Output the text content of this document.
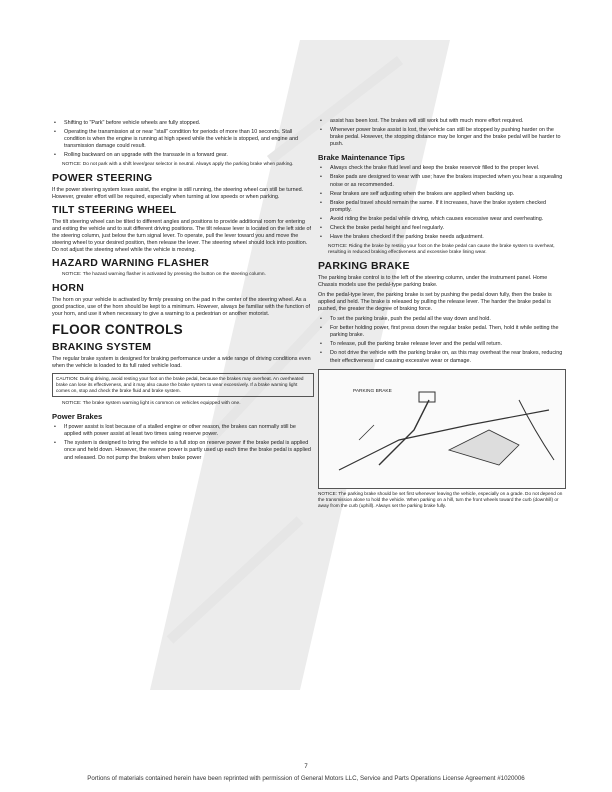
• Shifting to "Park" before vehicle wheels are fully stopped.
• Operating the transmission at or near "stall" condition for periods of more than 10 seconds. Stall condition is when the engine is running at high speed while the vehicle is stopped, and engine and transmission damage could result.
• Rolling backward on an upgrade with the transaxle in a forward gear.

NOTICE: Do not park with a shift lever/gear selector in neutral. Always apply the parking brake when parking.

POWER STEERING

If the power steering system loses assist, the engine is still running, the steering wheel can still be turned. However, greater effort will be required, especially when turning at low speeds or when parking.

TILT STEERING WHEEL

The tilt steering wheel can be tilted to different angles and positions to provide additional room for entering and exiting the vehicle and to suit different driving positions. The tilt release lever is located on the left side of the steering column, just below the turn signal lever. To operate, pull the lever toward you and move the steering wheel to your desired position, then release the lever. The steering wheel should lock into position. Do not adjust the steering wheel while the vehicle is moving.

HAZARD WARNING FLASHER

NOTICE: The hazard warning flasher is activated by pressing the button on the steering column.

HORN

The horn on your vehicle is activated by firmly pressing on the pad in the center of the steering wheel. As a good practice, use of the horn should be kept to a minimum. However, always be familiar with the function of your horn, and use it when necessary to give a warning to a pedestrian or another motorist.

FLOOR CONTROLS
BRAKING SYSTEM

The regular brake system is designed for braking performance under a wide range of driving conditions even when the vehicle is loaded to its full rated vehicle load.

CAUTION: During driving, avoid resting your foot on the brake pedal, because the brakes may overheat. An overheated brake can lose its effectiveness, and it may also cause the brake system to wear excessively. If a brake warning light comes on, stop and check the brake fluid and brake system.

NOTICE: The brake system warning light is common on vehicles equipped with one.

Power Brakes
• If power assist is lost because of a stalled engine or other reason, the brakes can normally still be applied with power assist at least two times using reserve power.
• The system is designed to bring the vehicle to a full stop on reserve power if the brake pedal is applied once and held down. However, the reserve power is partly used up each time the brake pedal is applied and released. Do not pump the brakes when brake power
• assist has been lost. The brakes will still work but with much more effort required.
• Whenever power brake assist is lost, the vehicle can still be stopped by pushing harder on the brake pedal. However, the stopping distance may be longer and the brake pedal will be harder to push.
Brake Maintenance Tips
• Always check the brake fluid level and keep the brake reservoir filled to the proper level.
• Brake pads are designed to wear with use; have the brakes inspected when you hear a squealing noise or as recommended.
• Rear brakes are self adjusting when the brakes are applied when backing up.
• Brake pedal travel should remain the same. If it increases, have the brake system checked promptly.
• Avoid riding the brake pedal while driving, which causes excessive wear and overheating.
• Check the brake pedal height and feel regularly.
• Have the brakes checked if the parking brake needs adjustment.

NOTICE: Riding the brake by resting your foot on the brake pedal can cause the brake system to overheat, resulting in reduced braking effectiveness and excessive brake lining wear.

PARKING BRAKE

The parking brake control is to the left of the steering column, under the instrument panel. Home Chassis models use the pedal-type parking brake.

On the pedal-type lever, the parking brake is set by pushing the pedal down fully, then the brake is applied and held. The brake is released by pulling the release lever. The harder the brake pedal is pushed, the greater the degree of braking force.

• To set the parking brake, push the pedal all the way down and hold.
• For better holding power, first press down the regular brake pedal. Then, hold it while setting the parking brake.
• To release, pull the parking brake release lever and the pedal will return.
• Do not drive the vehicle with the parking brake on, as this may overheat the rear brakes, reducing their effectiveness and causing excessive wear or damage.
PARKING BRAKE

NOTICE: The parking brake should be set first whenever leaving the vehicle, especially on a grade. Do not depend on the transmission alone to hold the vehicle. When parking on a hill, turn the front wheels toward the curb (downhill) or away from the curb (uphill). Always set the parking brake fully.

7
Portions of materials contained herein have been reprinted with permission of General Motors LLC, Service and Parts Operations License Agreement #1020006
